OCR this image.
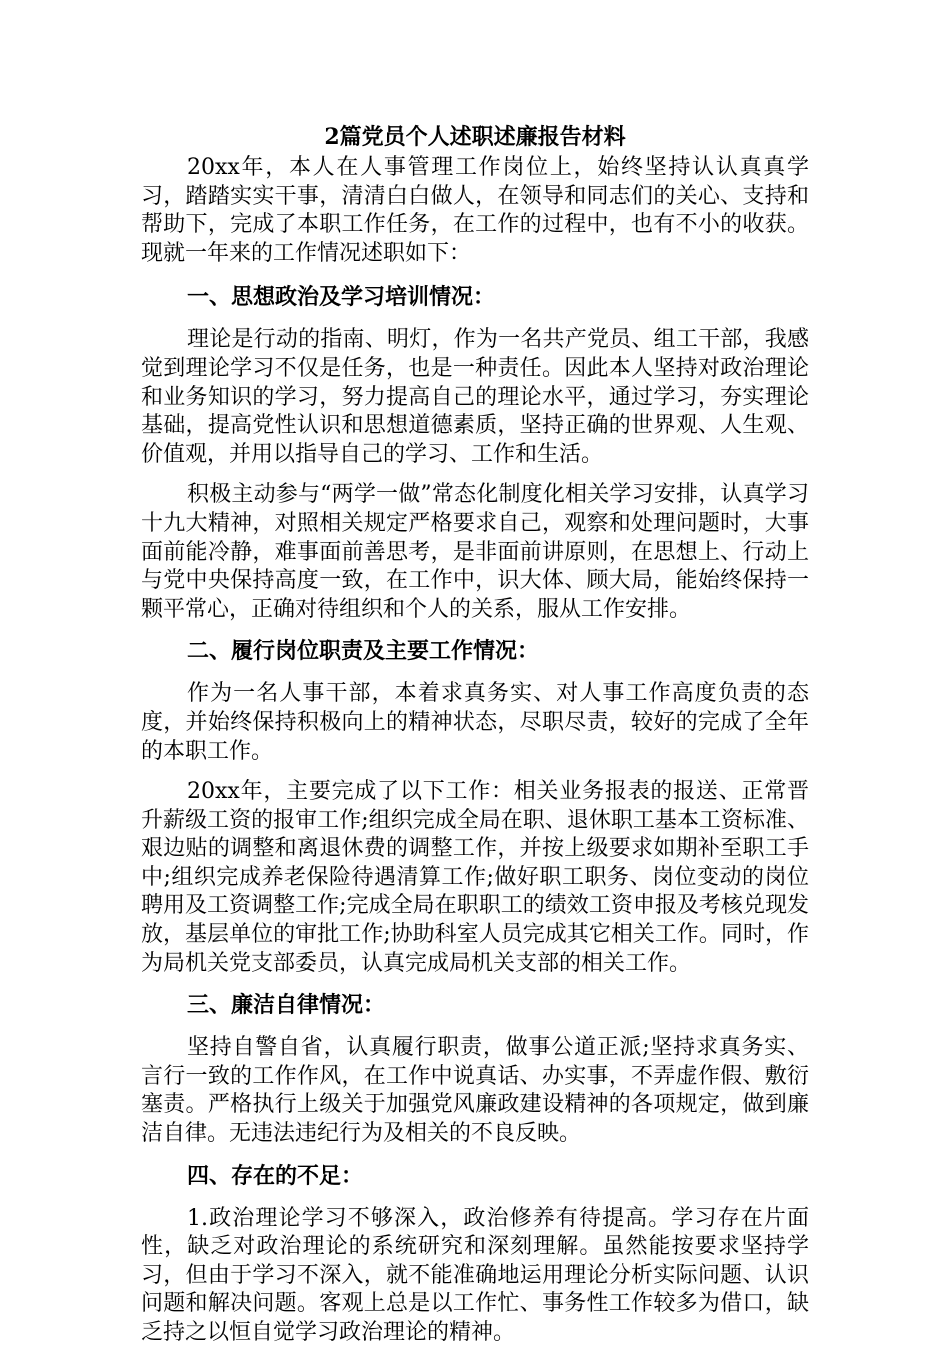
2篇党员个人述职述廉报告材料

20xx年，本人在人事管理工作岗位上，始终坚持认认真真学习，踏踏实实干事，清清白白做人，在领导和同志们的关心、支持和帮助下，完成了本职工作任务，在工作的过程中，也有不小的收获。现就一年来的工作情况述职如下：

一、思想政治及学习培训情况：

理论是行动的指南、明灯，作为一名共产党员、组工干部，我感觉到理论学习不仅是任务，也是一种责任。因此本人坚持对政治理论和业务知识的学习，努力提高自己的理论水平，通过学习，夯实理论基础，提高党性认识和思想道德素质，坚持正确的世界观、人生观、价值观，并用以指导自己的学习、工作和生活。

积极主动参与“两学一做”常态化制度化相关学习安排，认真学习十九大精神，对照相关规定严格要求自己，观察和处理问题时，大事面前能冷静，难事面前善思考，是非面前讲原则，在思想上、行动上与党中央保持高度一致，在工作中，识大体、顾大局，能始终保持一颗平常心，正确对待组织和个人的关系，服从工作安排。

二、履行岗位职责及主要工作情况：

作为一名人事干部，本着求真务实、对人事工作高度负责的态度，并始终保持积极向上的精神状态，尽职尽责，较好的完成了全年的本职工作。

20xx年，主要完成了以下工作：相关业务报表的报送、正常晋升薪级工资的报审工作;组织完成全局在职、退休职工基本工资标准、艰边贴的调整和离退休费的调整工作，并按上级要求如期补至职工手中;组织完成养老保险待遇清算工作;做好职工职务、岗位变动的岗位聘用及工资调整工作;完成全局在职职工的绩效工资申报及考核兑现发放，基层单位的审批工作;协助科室人员完成其它相关工作。同时，作为局机关党支部委员，认真完成局机关支部的相关工作。

三、廉洁自律情况：

坚持自警自省，认真履行职责，做事公道正派;坚持求真务实、言行一致的工作作风，在工作中说真话、办实事，不弄虚作假、敷衍塞责。严格执行上级关于加强党风廉政建设精神的各项规定，做到廉洁自律。无违法违纪行为及相关的不良反映。

四、存在的不足：

1.政治理论学习不够深入，政治修养有待提高。学习存在片面性，缺乏对政治理论的系统研究和深刻理解。虽然能按要求坚持学习，但由于学习不深入，就不能准确地运用理论分析实际问题、认识问题和解决问题。客观上总是以工作忙、事务性工作较多为借口，缺乏持之以恒自觉学习政治理论的精神。
